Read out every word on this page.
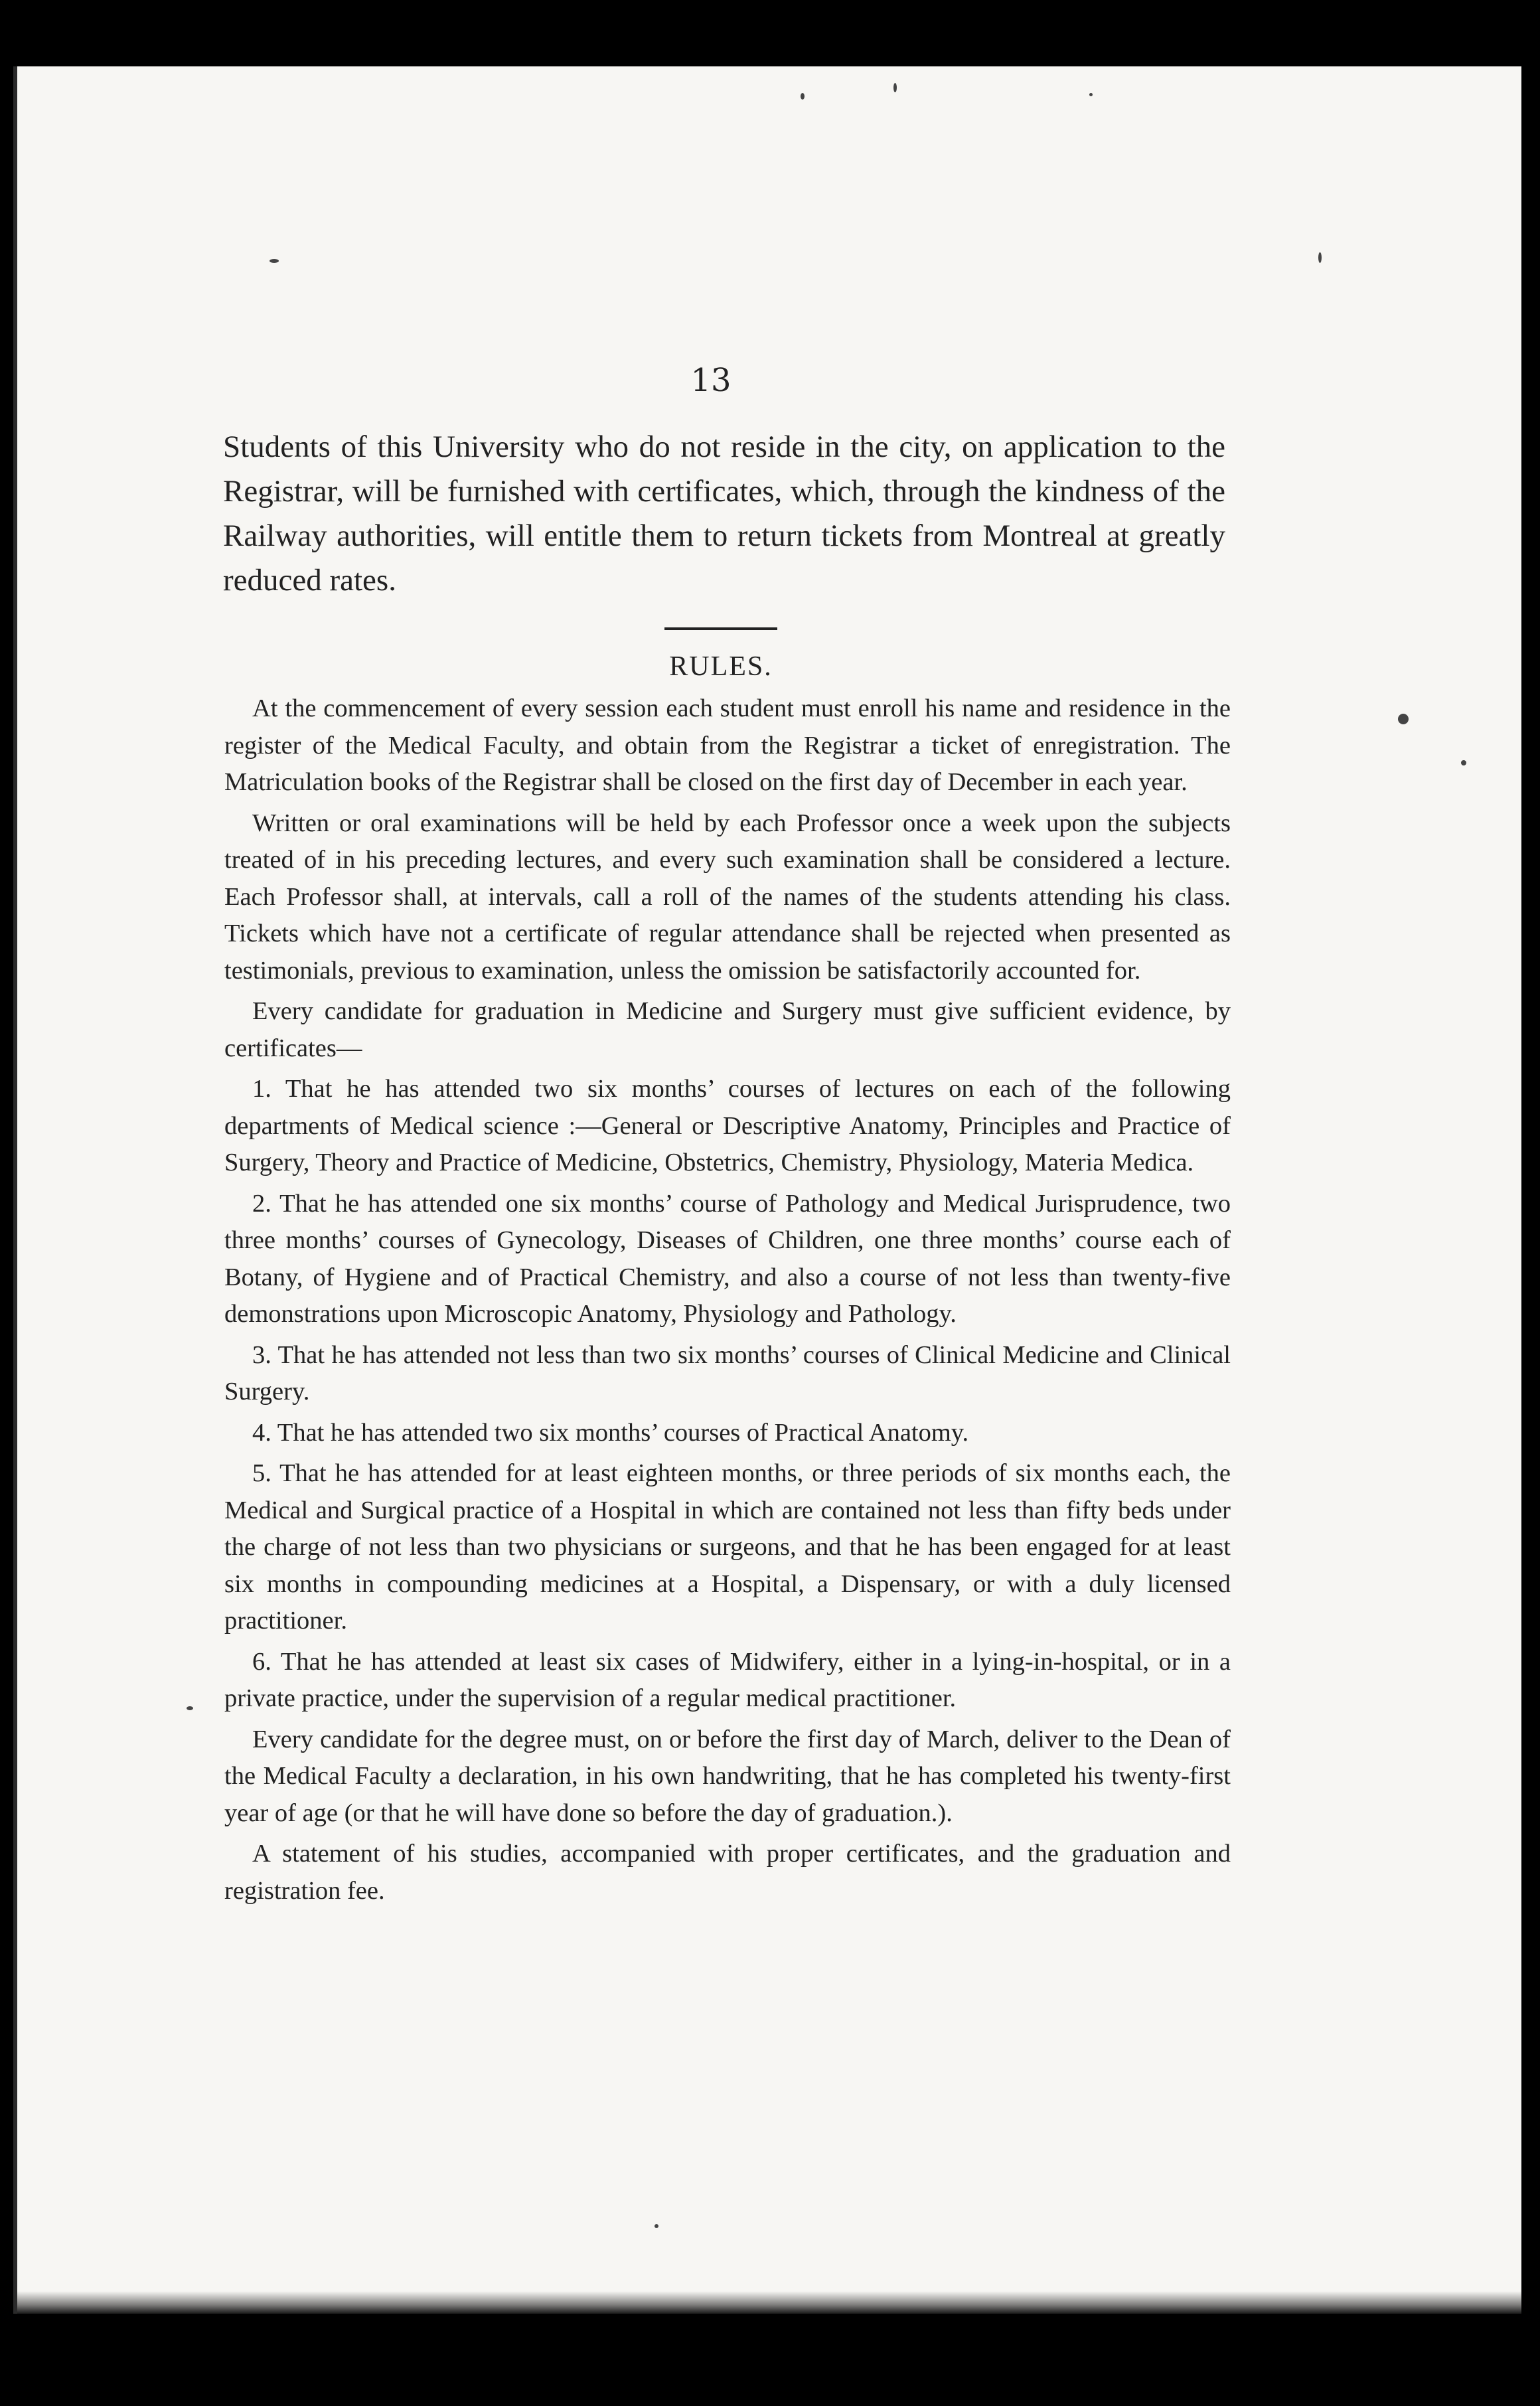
13
Students of this University who do not reside in the city, on application to the Registrar, will be furnished with certificates, which, through the kindness of the Railway authorities, will entitle them to return tickets from Montreal at greatly reduced rates.
RULES.

At the commencement of every session each student must enroll his name and residence in the register of the Medical Faculty, and obtain from the Registrar a ticket of enregistration. The Matriculation books of the Registrar shall be closed on the first day of December in each year.

Written or oral examinations will be held by each Professor once a week upon the subjects treated of in his preceding lectures, and every such examination shall be considered a lecture. Each Professor shall, at intervals, call a roll of the names of the students attending his class. Tickets which have not a certificate of regular attendance shall be rejected when presented as testimonials, previous to examination, unless the omission be satisfactorily accounted for.

Every candidate for graduation in Medicine and Surgery must give sufficient evidence, by certificates—

1. That he has attended two six months’ courses of lectures on each of the following departments of Medical science :—General or Descriptive Anatomy, Principles and Practice of Surgery, Theory and Practice of Medicine, Obstetrics, Chemistry, Physiology, Materia Medica.

2. That he has attended one six months’ course of Pathology and Medical Jurisprudence, two three months’ courses of Gynecology, Diseases of Children, one three months’ course each of Botany, of Hygiene and of Practical Chemistry, and also a course of not less than twenty-five demonstrations upon Microscopic Anatomy, Physiology and Pathology.

3. That he has attended not less than two six months’ courses of Clinical Medicine and Clinical Surgery.

4. That he has attended two six months’ courses of Practical Anatomy.

5. That he has attended for at least eighteen months, or three periods of six months each, the Medical and Surgical practice of a Hospital in which are contained not less than fifty beds under the charge of not less than two physicians or surgeons, and that he has been engaged for at least six months in compounding medicines at a Hospital, a Dispensary, or with a duly licensed practitioner.

6. That he has attended at least six cases of Midwifery, either in a lying-in-hospital, or in a private practice, under the supervision of a regular medical practitioner.

Every candidate for the degree must, on or before the first day of March, deliver to the Dean of the Medical Faculty a declaration, in his own handwriting, that he has completed his twenty-first year of age (or that he will have done so before the day of graduation.).

A statement of his studies, accompanied with proper certificates, and the graduation and registration fee.
